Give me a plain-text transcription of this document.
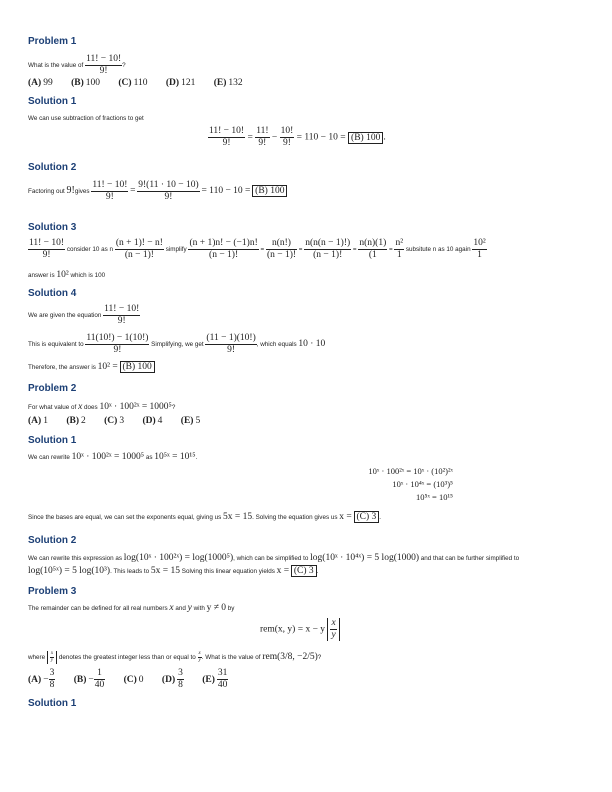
Problem 1
What is the value of $\frac{11! - 10!}{9!}$ ?
(A) 99 (B) 100 (C) 110 (D) 121 (E) 132
Solution 1
We can use subtraction of fractions to get
$\frac{11! - 10!}{9!} = \frac{11!}{9!} - \frac{10!}{9!} = 110 - 10 = (B)$ 100 .
Solution 2
Factoring out 9!gives $\frac{11! - 10!}{9!} = \frac{9!(11 \cdot 10 - 10)}{9!} = 110 - 10 = (B)$ 100
Solution 3
$\frac{11! - 10!}{9!}$ consider 10 as n $\frac{(n + 1)! - n!}{(n - 1)!}$ simplify $\frac{(n + 1)n! - (-1)n!}{(n - 1)!} = \frac{n(n!)}{(n - 1)!} = \frac{n(n(n - 1)!)}{(n - 1)!} = \frac{n(n)(1)}{(1} = \frac{\text{n²}}{1}$ subsitute n as 10 again $\frac{\text{10²}}{1}$
answer is 10² which is 100
Solution 4
We are given the equation $\frac{11! - 10!}{9!}$
This is equivalent to $\frac{11(10!) - 1(10!)}{9!}$ Simplifying, we get $\frac{(11 - 1)(10!)}{9!}$ , which equals 10 · 10
Therefore, the answer is 10² = (B) 100
Problem 2
For what value of x does 10ˣ · 100²ˣ = 1000⁵?
(A) 1 (B) 2 (C) 3 (D) 4 (E) 5
Solution 1
We can rewrite 10ˣ · 100²ˣ = 1000⁵ as 10⁵ˣ = 10¹⁵.
10ˣ · 100²ˣ = 10ˣ · (10²)²ˣ
10ˣ · 10⁴ˣ = (10³)⁵
10⁵ˣ = 10¹⁵
Since the bases are equal, we can set the exponents equal, giving us 5x = 15. Solving the equation gives us x = (C) 3 .
Solution 2
We can rewrite this expression as log(10ˣ · 100²ˣ) = log(1000⁵), which can be simplified to log(10ˣ · 10⁴ˣ) = 5 log(1000) and that can be further simplified to
log(10⁵ˣ) = 5 log(10³). This leads to 5x = 15 Solving this linear equation yields x = (C) 3 .
Problem 3
The remainder can be defined for all real numbers x and y with y ≠ 0 by
rem(x, y) = x − y $\frac{x}{y}$
where $\frac{x}{y}$ denotes the greatest integer less than or equal to $\frac{x}{y}$ . What is the value of rem(3/8, −2/5)?
$(A) - \frac{3}{8} (B) - \frac{1}{40} (C)$ 0 $(D) \frac{3}{8} (E) \frac{31}{40}$
Solution 1
